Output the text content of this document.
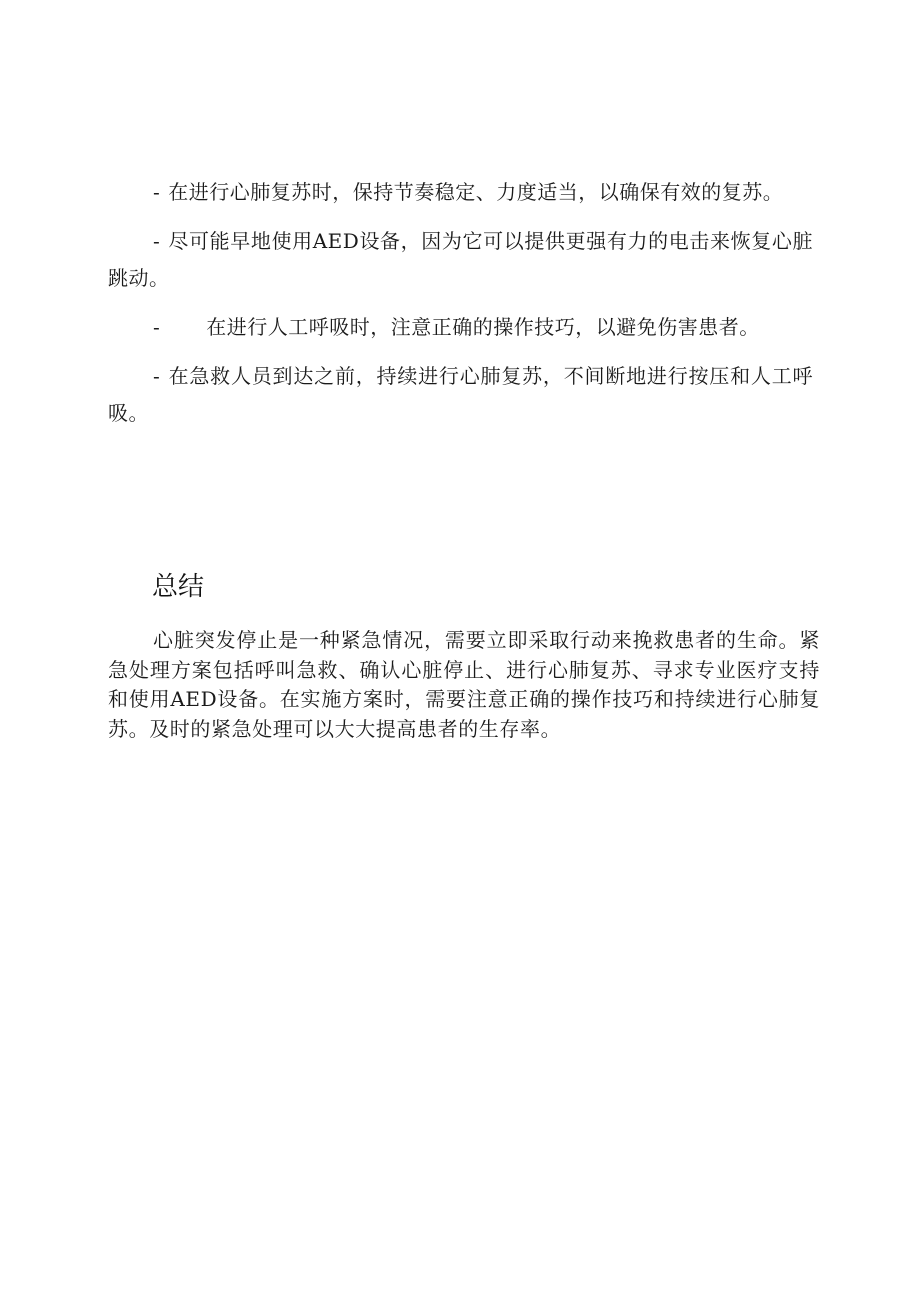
- 在进行心肺复苏时，保持节奏稳定、力度适当，以确保有效的复苏。

- 尽可能早地使用AED设备，因为它可以提供更强有力的电击来恢复心脏跳动。

- 在进行人工呼吸时，注意正确的操作技巧，以避免伤害患者。

- 在急救人员到达之前，持续进行心肺复苏，不间断地进行按压和人工呼吸。

总结

心脏突发停止是一种紧急情况，需要立即采取行动来挽救患者的生命。紧急处理方案包括呼叫急救、确认心脏停止、进行心肺复苏、寻求专业医疗支持和使用AED设备。在实施方案时，需要注意正确的操作技巧和持续进行心肺复苏。及时的紧急处理可以大大提高患者的生存率。
